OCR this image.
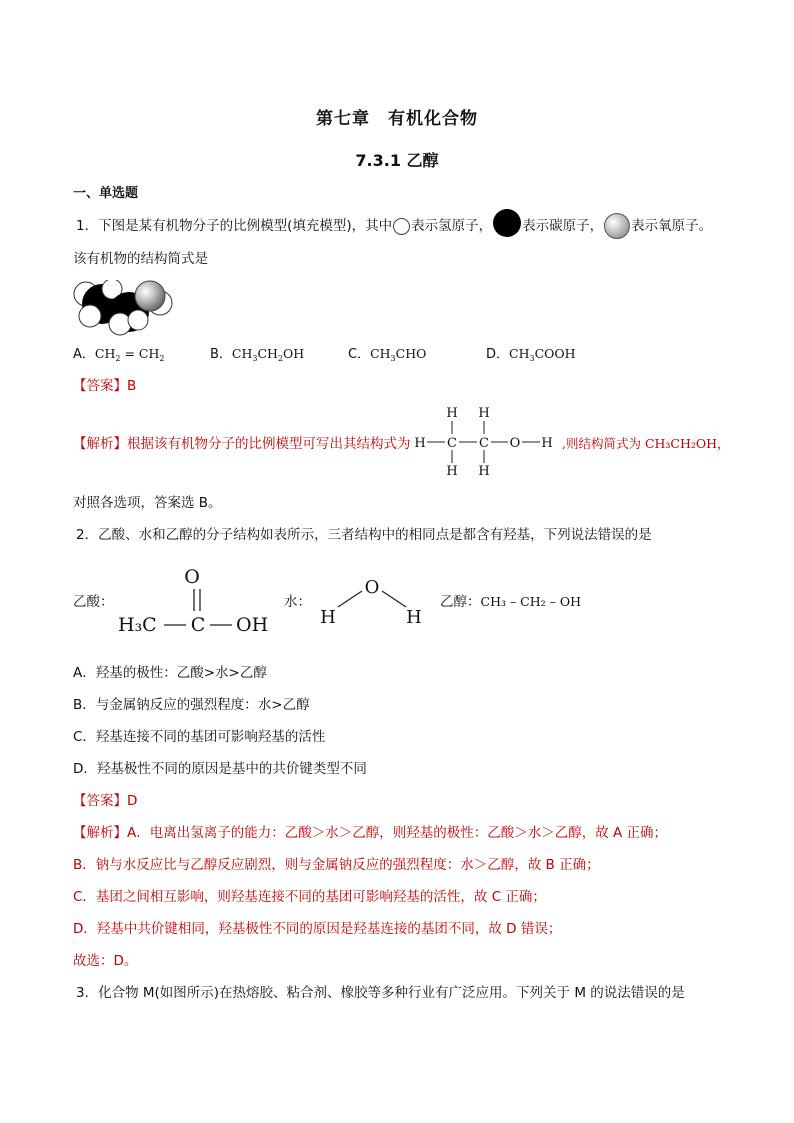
第七章　有机化合物
7.3.1 乙醇
一、单选题
1．下图是某有机物分子的比例模型(填充模型)，其中 表示氢原子， 表示碳原子， 表示氧原子。
该有机物的结构简式是
A．$CH_2 = CH_2$	B．$CH_3CH_2OH$	C．$CH_3CHO$	D．$CH_3COOH$
【答案】B
【解析】根据该有机物分子的比例模型可写出其结构式为
H H
H C C O H
H H
,则结构简式为 CH₃CH₂OH，
对照各选项，答案选 B。
2．乙酸、水和乙醇的分子结构如表所示，三者结构中的相同点是都含有羟基，下列说法错误的是
乙酸：
O
H₃C C OH
水：
O
H	H
乙醇：CH₃ – CH₂ – OH
A．羟基的极性：乙酸>水>乙醇
B．与金属钠反应的强烈程度：水>乙醇
C．羟基连接不同的基团可影响羟基的活性
D．羟基极性不同的原因是基中的共价键类型不同
【答案】D
【解析】A．电离出氢离子的能力：乙酸＞水＞乙醇，则羟基的极性：乙酸＞水＞乙醇，故 A 正确；
B．钠与水反应比与乙醇反应剧烈，则与金属钠反应的强烈程度：水＞乙醇，故 B 正确；
C．基团之间相互影响，则羟基连接不同的基团可影响羟基的活性，故 C 正确；
D．羟基中共价键相同，羟基极性不同的原因是羟基连接的基团不同，故 D 错误；
故选：D。
3．化合物 M(如图所示)在热熔胶、粘合剂、橡胶等多种行业有广泛应用。下列关于 M 的说法错误的是
